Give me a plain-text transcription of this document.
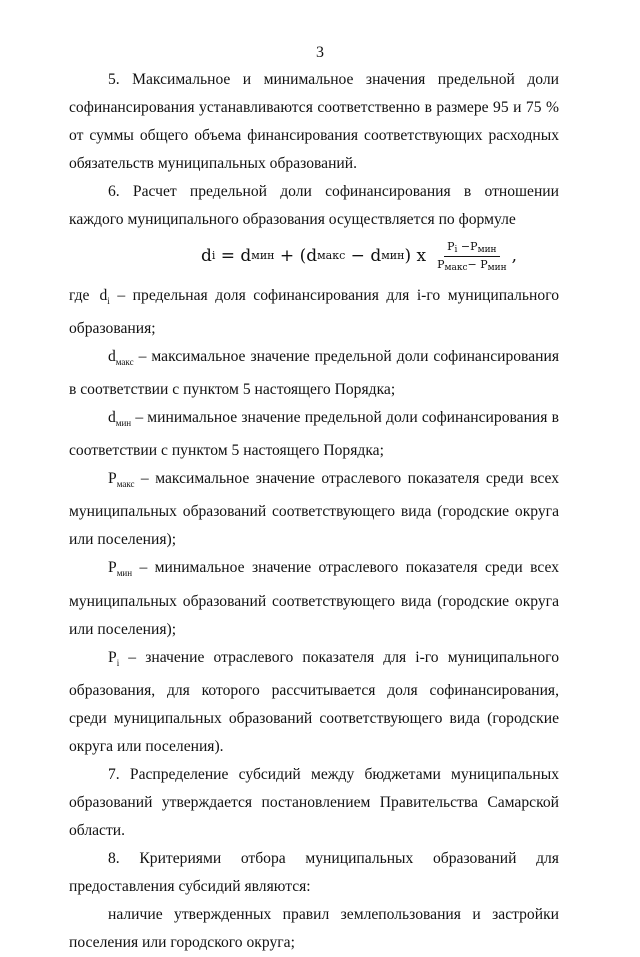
3

5. Максимальное и минимальное значения предельной доли софинансирования устанавливаются соответственно в размере 95 и 75 % от суммы общего объема финансирования соответствующих расходных обязательств муниципальных образований.

6. Расчет предельной доли софинансирования в отношении каждого муниципального образования осуществляется по формуле

d i = d мин + (d макс − d мин ) x $\frac{\text{Pi −Pмин}}{\text{Pмакс− Pмин}}$ ,

где $d_i$ – предельная доля софинансирования для i-го муниципального образования;

$d_{макс}$ – максимальное значение предельной доли софинансирования в соответствии с пунктом 5 настоящего Порядка;

$d_{мин}$ – минимальное значение предельной доли софинансирования в соответствии с пунктом 5 настоящего Порядка;

$P_{макс}$ – максимальное значение отраслевого показателя среди всех муниципальных образований соответствующего вида (городские округа или поселения);

$P_{мин}$ – минимальное значение отраслевого показателя среди всех муниципальных образований соответствующего вида (городские округа или поселения);

$P_i$ – значение отраслевого показателя для i-го муниципального образования, для которого рассчитывается доля софинансирования, среди муниципальных образований соответствующего вида (городские округа или поселения).

7. Распределение субсидий между бюджетами муниципальных образований утверждается постановлением Правительства Самарской области.

8. Критериями отбора муниципальных образований для предоставления субсидий являются:

наличие утвержденных правил землепользования и застройки поселения или городского округа;
